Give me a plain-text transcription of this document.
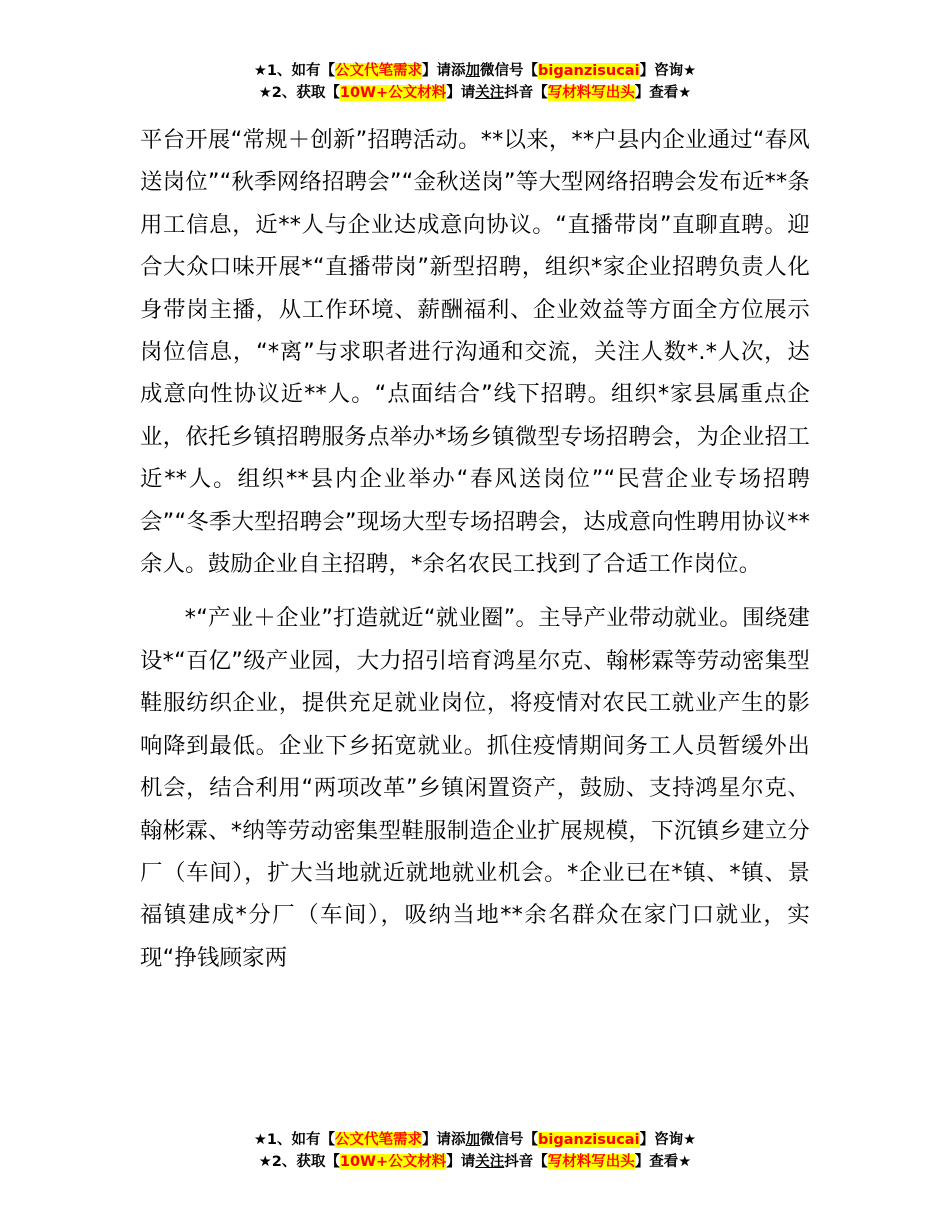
★1、如有【公文代笔需求】请添加微信号【biganzisucai】咨询★
★2、获取【10W+公文材料】请关注抖音【写材料写出头】查看★

平台开展“常规＋创新”招聘活动。**以来，**户县内企业通过“春风送岗位”“秋季网络招聘会”“金秋送岗”等大型网络招聘会发布近**条用工信息，近**人与企业达成意向协议。“直播带岗”直聊直聘。迎合大众口味开展*“直播带岗”新型招聘，组织*家企业招聘负责人化身带岗主播，从工作环境、薪酬福利、企业效益等方面全方位展示岗位信息，“*离”与求职者进行沟通和交流，关注人数*.*人次，达成意向性协议近**人。“点面结合”线下招聘。组织*家县属重点企业，依托乡镇招聘服务点举办*场乡镇微型专场招聘会，为企业招工近**人。组织**县内企业举办“春风送岗位”“民营企业专场招聘会”“冬季大型招聘会”现场大型专场招聘会，达成意向性聘用协议**余人。鼓励企业自主招聘，*余名农民工找到了合适工作岗位。

*“产业＋企业”打造就近“就业圈”。主导产业带动就业。围绕建设*“百亿”级产业园，大力招引培育鸿星尔克、翰彬霖等劳动密集型鞋服纺织企业，提供充足就业岗位，将疫情对农民工就业产生的影响降到最低。企业下乡拓宽就业。抓住疫情期间务工人员暂缓外出机会，结合利用“两项改革”乡镇闲置资产，鼓励、支持鸿星尔克、翰彬霖、*纳等劳动密集型鞋服制造企业扩展规模，下沉镇乡建立分厂（车间），扩大当地就近就地就业机会。*企业已在*镇、*镇、景福镇建成*分厂（车间），吸纳当地**余名群众在家门口就业，实现“挣钱顾家两

★1、如有【公文代笔需求】请添加微信号【biganzisucai】咨询★
★2、获取【10W+公文材料】请关注抖音【写材料写出头】查看★
